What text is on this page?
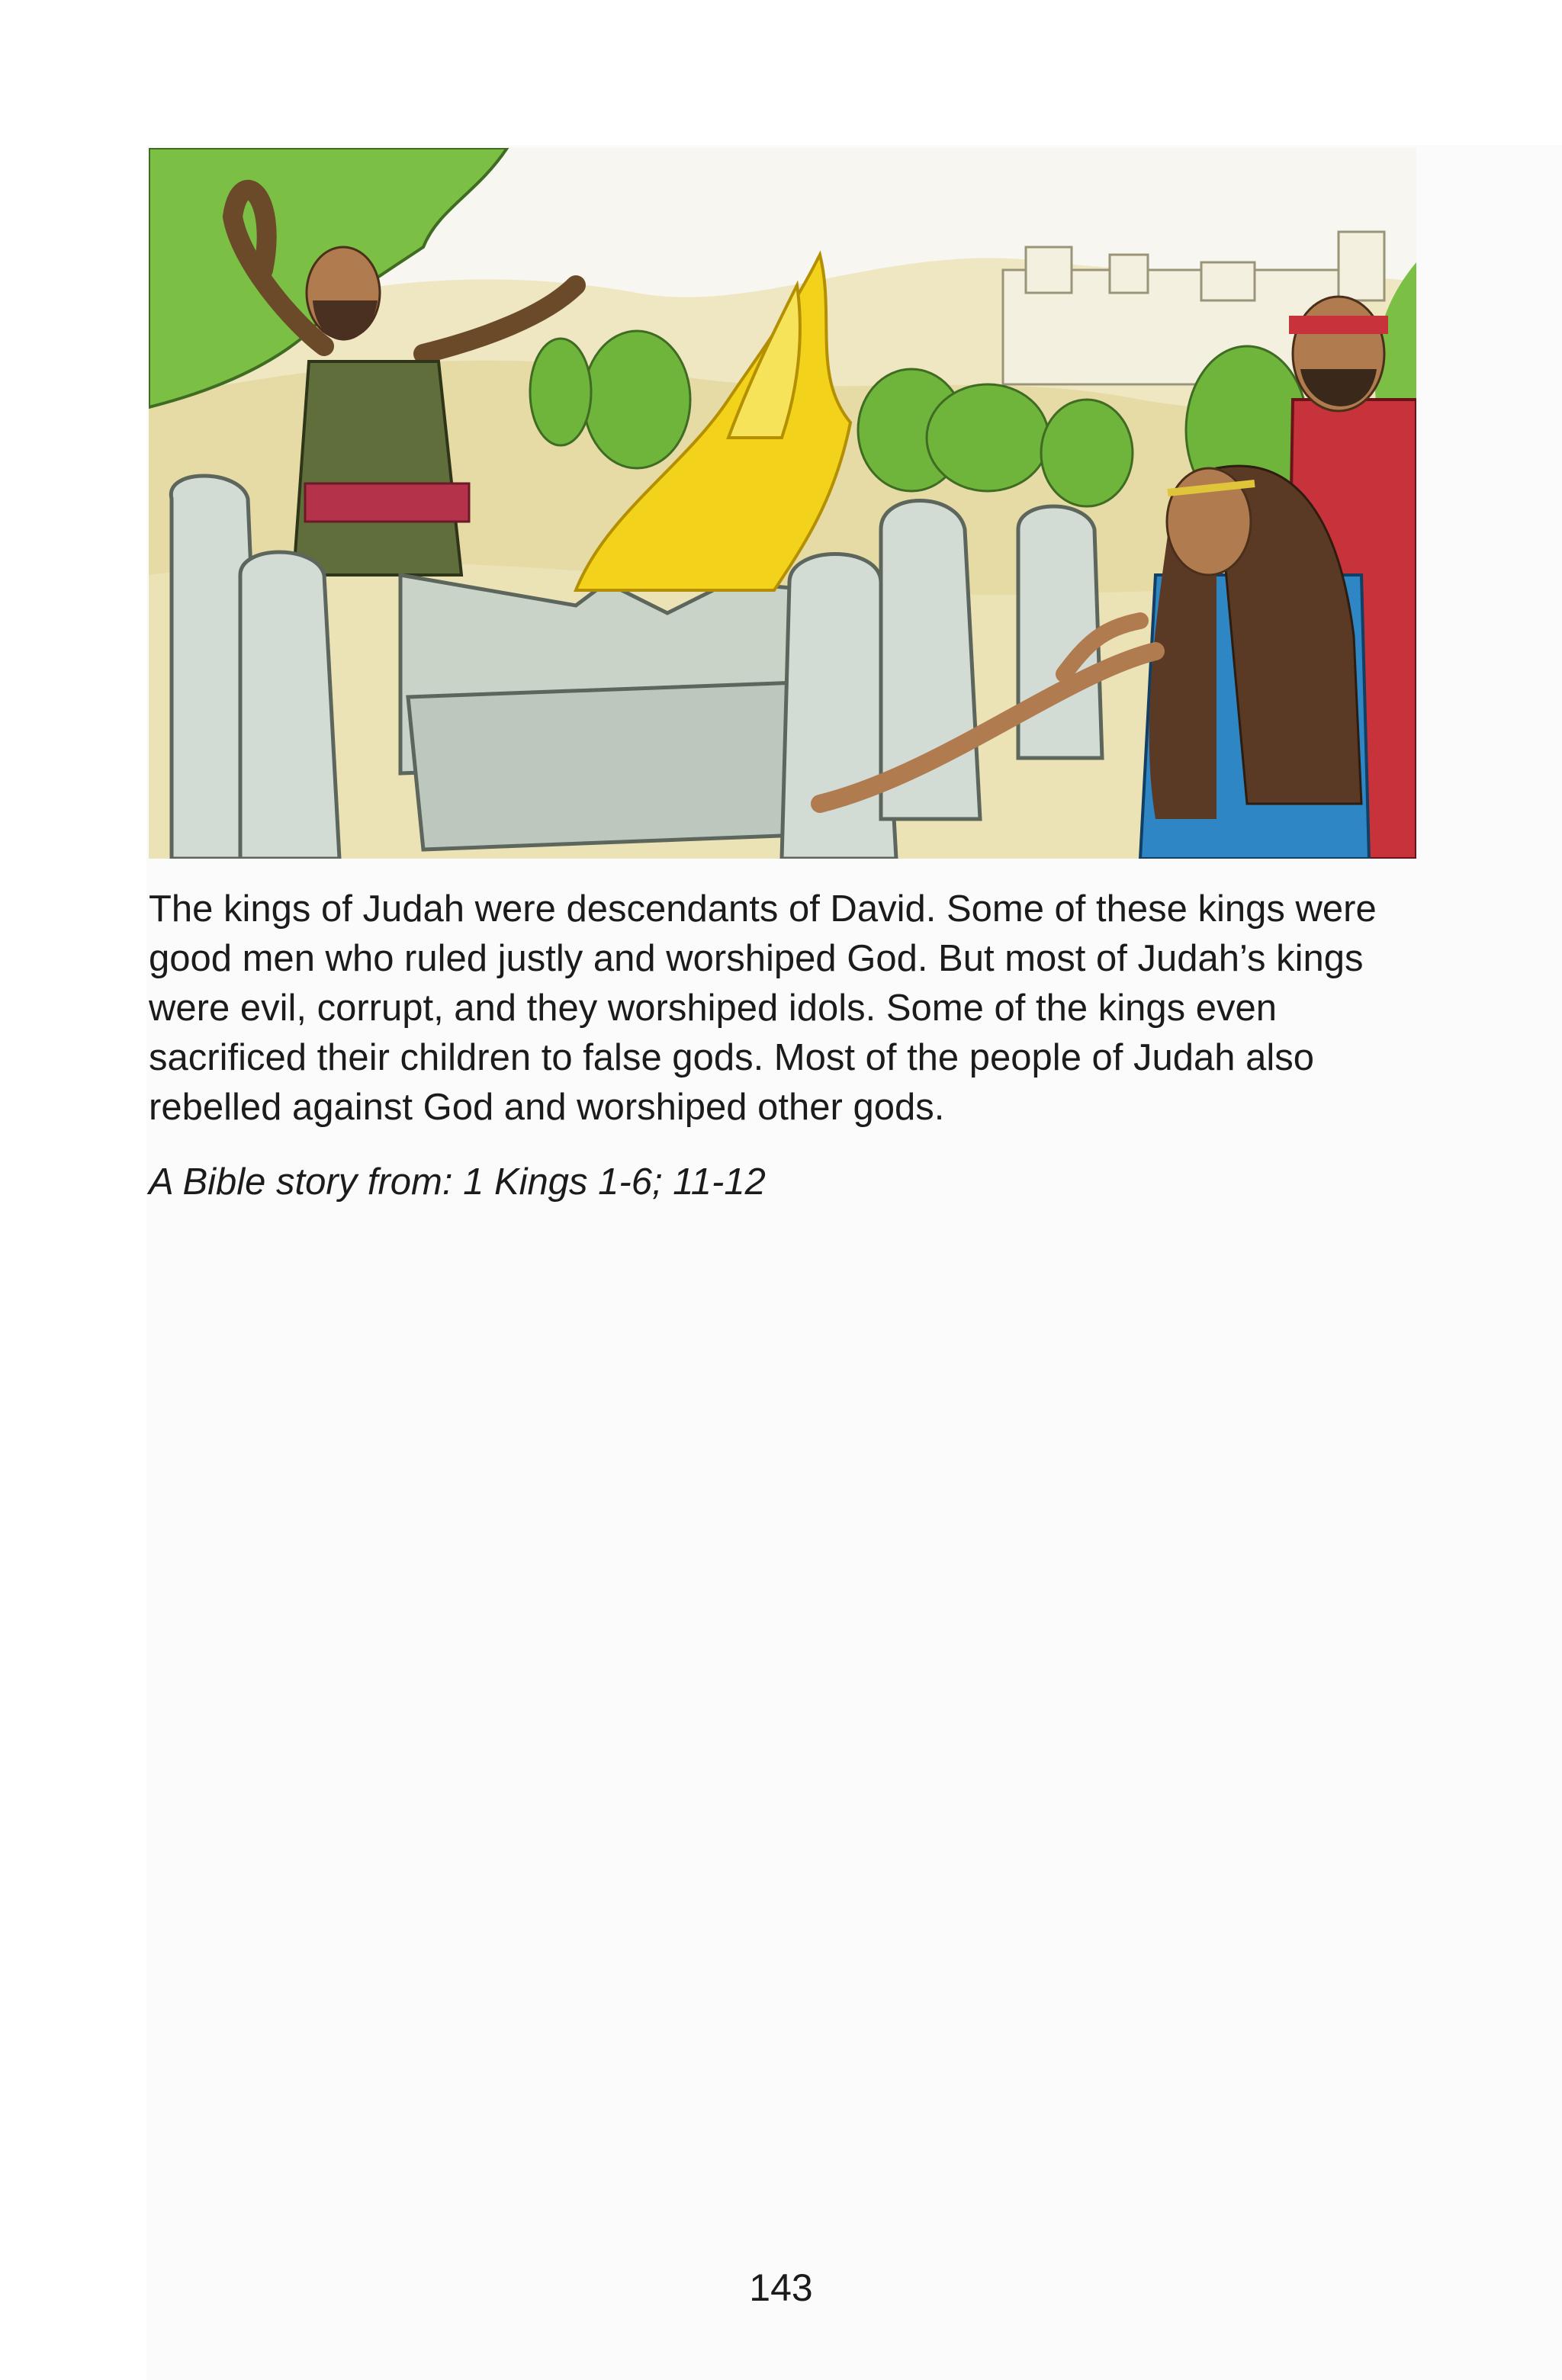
The kings of Judah were descendants of David. Some of these kings were good men who ruled justly and worshiped God. But most of Judah’s kings were evil, corrupt, and they worshiped idols. Some of the kings even sacrificed their children to false gods. Most of the people of Judah also rebelled against God and worshiped other gods.

A Bible story from: 1 Kings 1-6; 11-12

143
